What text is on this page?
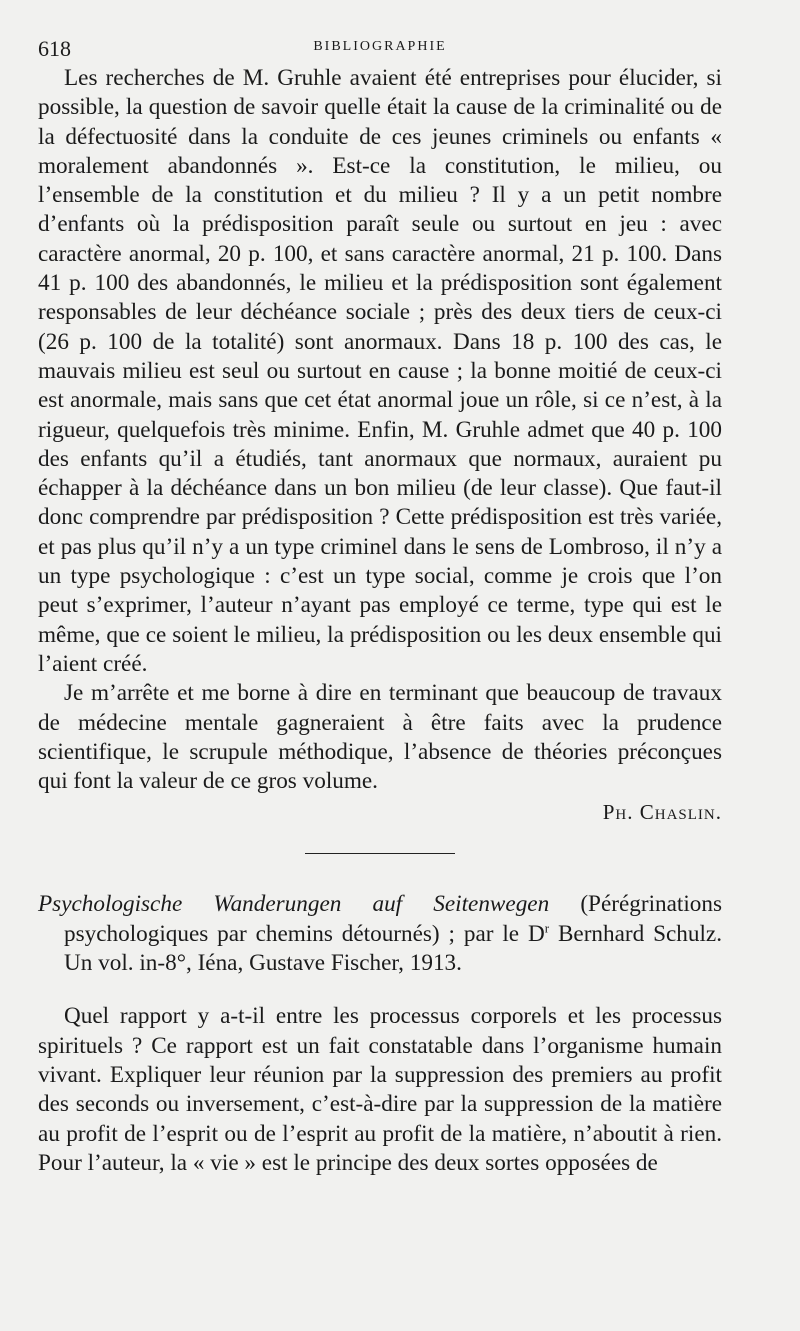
618	BIBLIOGRAPHIE

Les recherches de M. Gruhle avaient été entreprises pour élucider, si possible, la question de savoir quelle était la cause de la criminalité ou de la défectuosité dans la conduite de ces jeunes criminels ou enfants « moralement abandonnés ». Est-ce la constitution, le milieu, ou l’ensemble de la constitution et du milieu ? Il y a un petit nombre d’enfants où la prédisposition paraît seule ou surtout en jeu : avec caractère anormal, 20 p. 100, et sans caractère anormal, 21 p. 100. Dans 41 p. 100 des abandonnés, le milieu et la prédisposition sont également responsables de leur déchéance sociale ; près des deux tiers de ceux-ci (26 p. 100 de la totalité) sont anormaux. Dans 18 p. 100 des cas, le mauvais milieu est seul ou surtout en cause ; la bonne moitié de ceux-ci est anormale, mais sans que cet état anormal joue un rôle, si ce n’est, à la rigueur, quelquefois très minime. Enfin, M. Gruhle admet que 40 p. 100 des enfants qu’il a étudiés, tant anormaux que normaux, auraient pu échapper à la déchéance dans un bon milieu (de leur classe). Que faut-il donc comprendre par prédisposition ? Cette prédisposition est très variée, et pas plus qu’il n’y a un type criminel dans le sens de Lombroso, il n’y a un type psychologique : c’est un type social, comme je crois que l’on peut s’exprimer, l’auteur n’ayant pas employé ce terme, type qui est le même, que ce soient le milieu, la prédisposition ou les deux ensemble qui l’aient créé.

Je m’arrête et me borne à dire en terminant que beaucoup de travaux de médecine mentale gagneraient à être faits avec la prudence scientifique, le scrupule méthodique, l’absence de théories préconçues qui font la valeur de ce gros volume.

Ph. Chaslin.

Psychologische Wanderungen auf Seitenwegen (Pérégrinations psychologiques par chemins détournés) ; par le $D^r$ Bernhard Schulz. Un vol. in-8°, Iéna, Gustave Fischer, 1913.

Quel rapport y a-t-il entre les processus corporels et les processus spirituels ? Ce rapport est un fait constatable dans l’organisme humain vivant. Expliquer leur réunion par la suppression des premiers au profit des seconds ou inversement, c’est-à-dire par la suppression de la matière au profit de l’esprit ou de l’esprit au profit de la matière, n’aboutit à rien. Pour l’auteur, la « vie » est le principe des deux sortes opposées de
